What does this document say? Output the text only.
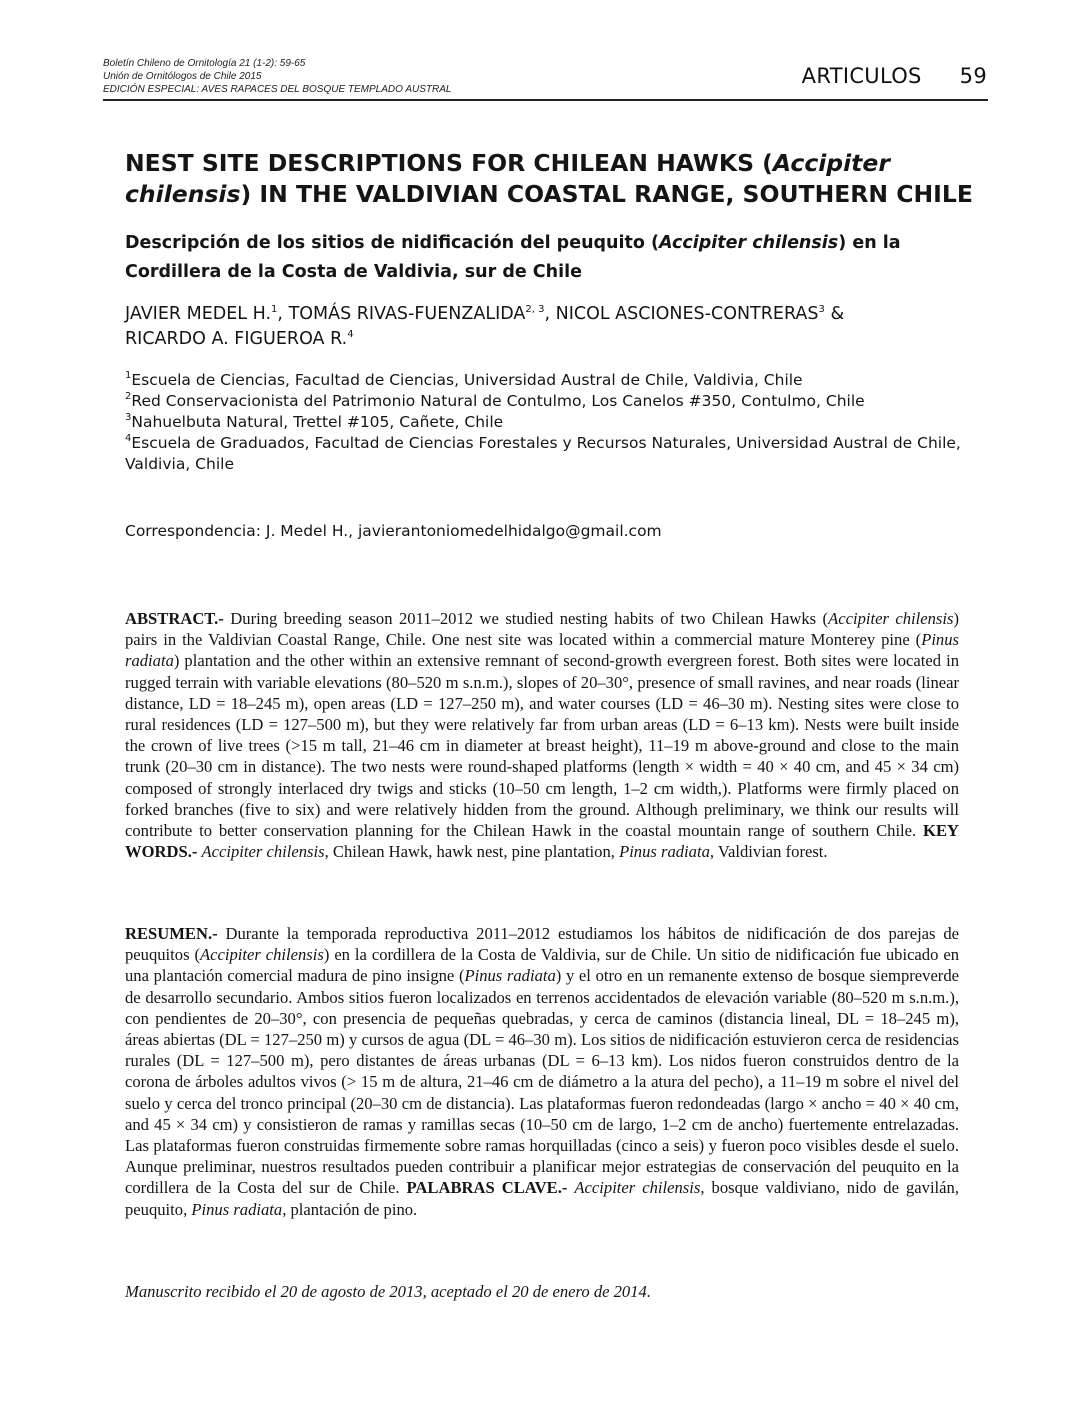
Boletín Chileno de Ornitología 21 (1-2): 59-65
Unión de Ornitólogos de Chile 2015
EDICIÓN ESPECIAL: AVES RAPACES DEL BOSQUE TEMPLADO AUSTRAL
ARTICULOS 59
NEST SITE DESCRIPTIONS FOR CHILEAN HAWKS (Accipiter chilensis) IN THE VALDIVIAN COASTAL RANGE, SOUTHERN CHILE
Descripción de los sitios de nidificación del peuquito (Accipiter chilensis) en la Cordillera de la Costa de Valdivia, sur de Chile

JAVIER MEDEL H.$^1$, TOMÁS RIVAS-FUENZALIDA$^{2, 3}$, NICOL ASCIONES-CONTRERAS$^3$ &
RICARDO A. FIGUEROA R.$^4$

$^1$Escuela de Ciencias, Facultad de Ciencias, Universidad Austral de Chile, Valdivia, Chile

$^2$Red Conservacionista del Patrimonio Natural de Contulmo, Los Canelos #350, Contulmo, Chile

$^3$Nahuelbuta Natural, Trettel #105, Cañete, Chile

$^4$Escuela de Graduados, Facultad de Ciencias Forestales y Recursos Naturales, Universidad Austral de Chile, Valdivia, Chile

Correspondencia: J. Medel H., javierantoniomedelhidalgo@gmail.com

ABSTRACT.- During breeding season 2011–2012 we studied nesting habits of two Chilean Hawks (Accipiter chilensis) pairs in the Valdivian Coastal Range, Chile. One nest site was located within a commercial mature Monterey pine (Pinus radiata) plantation and the other within an extensive remnant of second-growth evergreen forest. Both sites were located in rugged terrain with variable elevations (80–520 m s.n.m.), slopes of 20–30°, presence of small ravines, and near roads (linear distance, LD = 18–245 m), open areas (LD = 127–250 m), and water courses (LD = 46–30 m). Nesting sites were close to rural residences (LD = 127–500 m), but they were relatively far from urban areas (LD = 6–13 km). Nests were built inside the crown of live trees (>15 m tall, 21–46 cm in diameter at breast height), 11–19 m above-ground and close to the main trunk (20–30 cm in distance). The two nests were round-shaped platforms (length × width = 40 × 40 cm, and 45 × 34 cm) composed of strongly interlaced dry twigs and sticks (10–50 cm length, 1–2 cm width,). Platforms were firmly placed on forked branches (five to six) and were relatively hidden from the ground. Although preliminary, we think our results will contribute to better conservation planning for the Chilean Hawk in the coastal mountain range of southern Chile. KEY WORDS.- Accipiter chilensis, Chilean Hawk, hawk nest, pine plantation, Pinus radiata, Valdivian forest.

RESUMEN.- Durante la temporada reproductiva 2011–2012 estudiamos los hábitos de nidificación de dos parejas de peuquitos (Accipiter chilensis) en la cordillera de la Costa de Valdivia, sur de Chile. Un sitio de nidificación fue ubicado en una plantación comercial madura de pino insigne (Pinus radiata) y el otro en un remanente extenso de bosque siempreverde de desarrollo secundario. Ambos sitios fueron localizados en terrenos accidentados de elevación variable (80–520 m s.n.m.), con pendientes de 20–30°, con presencia de pequeñas quebradas, y cerca de caminos (distancia lineal, DL = 18–245 m), áreas abiertas (DL = 127–250 m) y cursos de agua (DL = 46–30 m). Los sitios de nidificación estuvieron cerca de residencias rurales (DL = 127–500 m), pero distantes de áreas urbanas (DL = 6–13 km). Los nidos fueron construidos dentro de la corona de árboles adultos vivos (> 15 m de altura, 21–46 cm de diámetro a la atura del pecho), a 11–19 m sobre el nivel del suelo y cerca del tronco principal (20–30 cm de distancia). Las plataformas fueron redondeadas (largo × ancho = 40 × 40 cm, and 45 × 34 cm) y consistieron de ramas y ramillas secas (10–50 cm de largo, 1–2 cm de ancho) fuertemente entrelazadas. Las plataformas fueron construidas firmemente sobre ramas horquilladas (cinco a seis) y fueron poco visibles desde el suelo. Aunque preliminar, nuestros resultados pueden contribuir a planificar mejor estrategias de conservación del peuquito en la cordillera de la Costa del sur de Chile. PALABRAS CLAVE.- Accipiter chilensis, bosque valdiviano, nido de gavilán, peuquito, Pinus radiata, plantación de pino.

Manuscrito recibido el 20 de agosto de 2013, aceptado el 20 de enero de 2014.
